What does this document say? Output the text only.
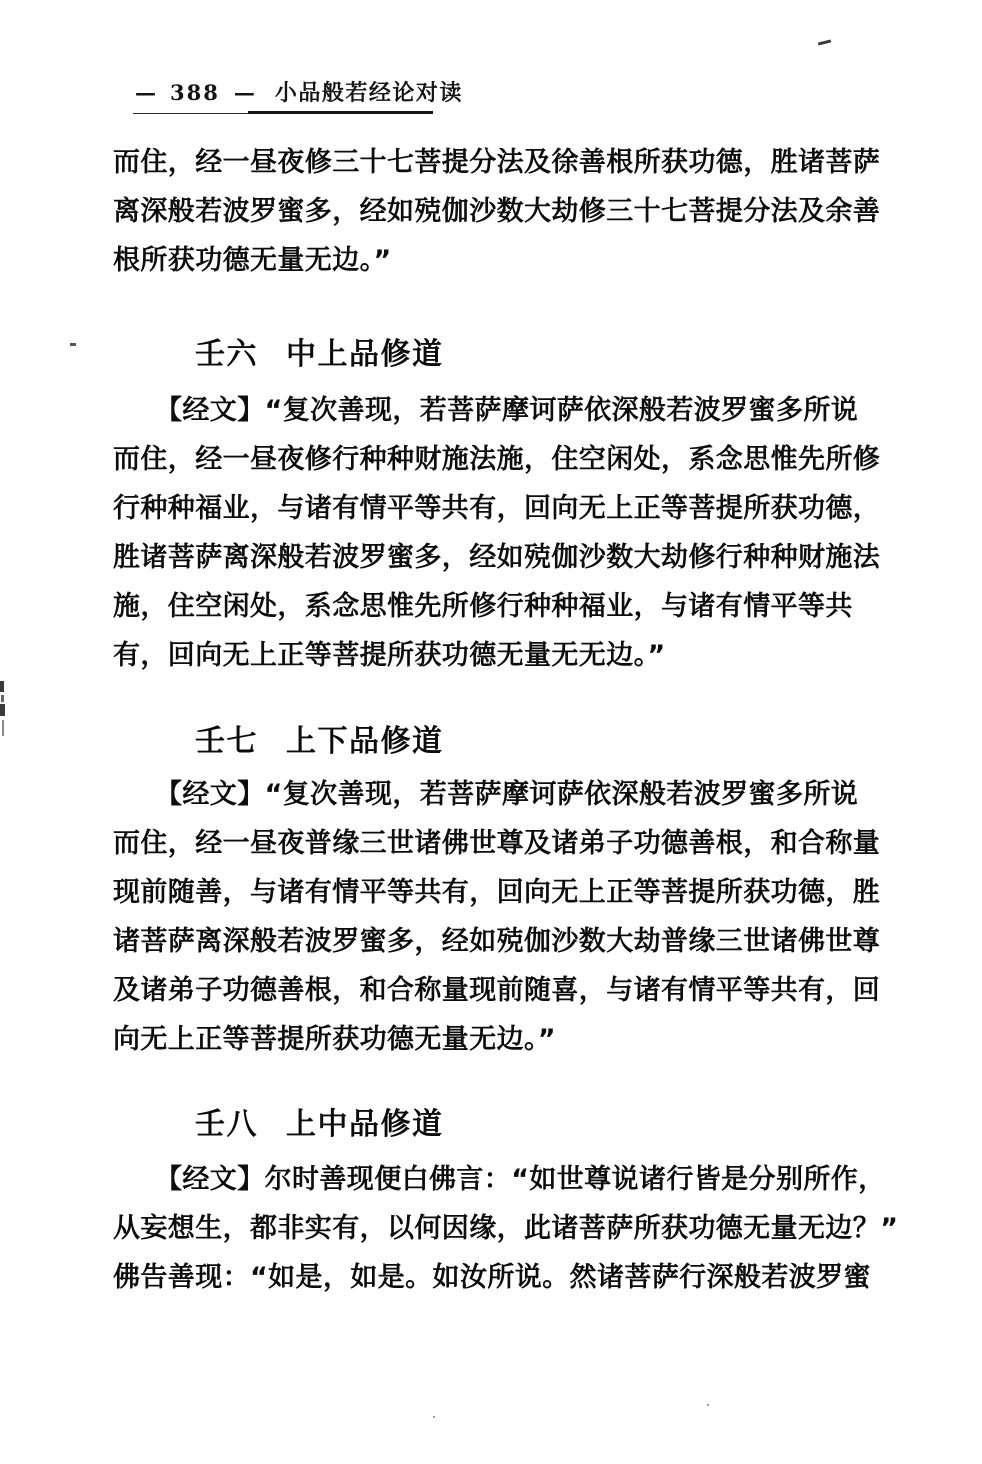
— 388 — 小品般若经论对读
而住，经一昼夜修三十七菩提分法及徐善根所获功德，胜诸菩萨
离深般若波罗蜜多，经如殑伽沙数大劫修三十七菩提分法及余善
根所获功德无量无边。”
壬六 中上品修道
【经文】“复次善现，若菩萨摩诃萨依深般若波罗蜜多所说
而住，经一昼夜修行种种财施法施，住空闲处，系念思惟先所修
行种种福业，与诸有情平等共有，回向无上正等菩提所获功德，
胜诸菩萨离深般若波罗蜜多，经如殑伽沙数大劫修行种种财施法
施，住空闲处，系念思惟先所修行种种福业，与诸有情平等共
有，回向无上正等菩提所获功德无量无无边。”
壬七 上下品修道
【经文】“复次善现，若菩萨摩诃萨依深般若波罗蜜多所说
而住，经一昼夜普缘三世诸佛世尊及诸弟子功德善根，和合称量
现前随善，与诸有情平等共有，回向无上正等菩提所获功德，胜
诸菩萨离深般若波罗蜜多，经如殑伽沙数大劫普缘三世诸佛世尊
及诸弟子功德善根，和合称量现前随喜，与诸有情平等共有，回
向无上正等菩提所获功德无量无边。”
壬八 上中品修道
【经文】尔时善现便白佛言：“如世尊说诸行皆是分别所作，
从妄想生，都非实有，以何因缘，此诸菩萨所获功德无量无边？”
佛告善现：“如是，如是。如汝所说。然诸菩萨行深般若波罗蜜
